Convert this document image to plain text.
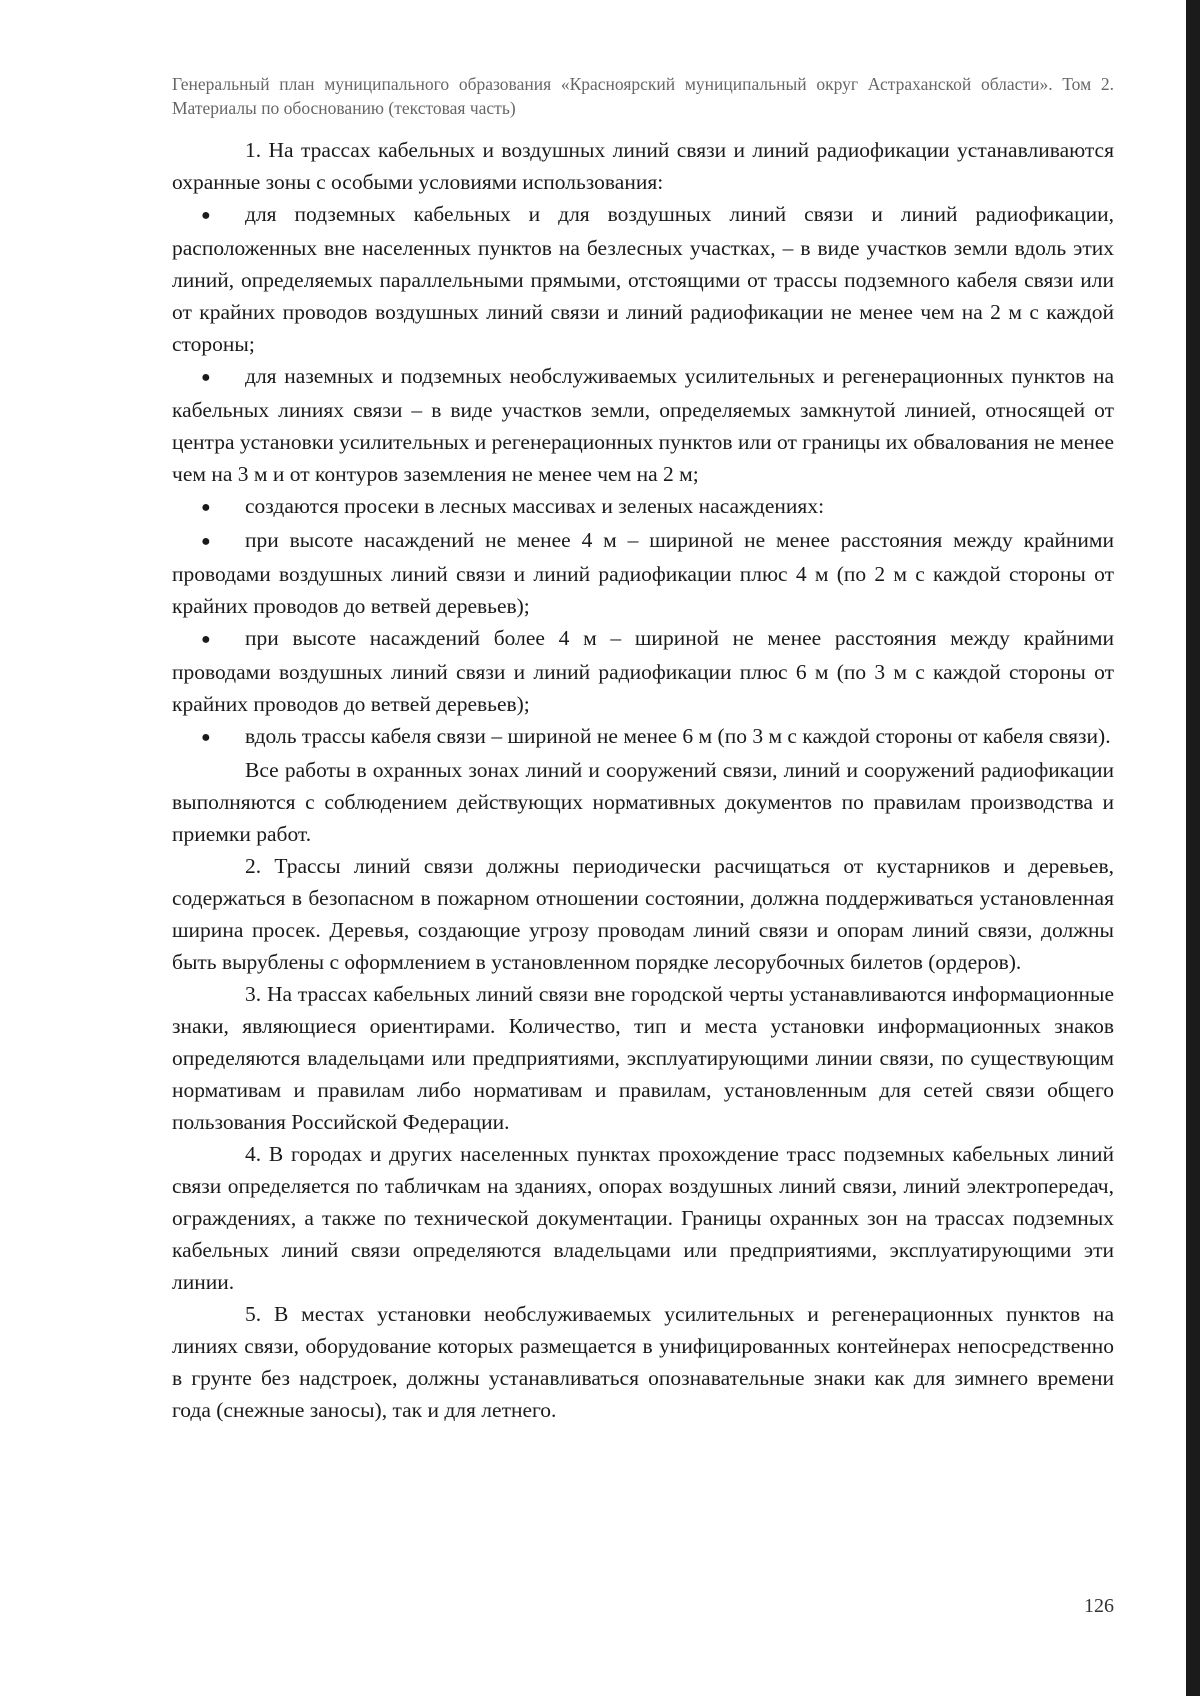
Генеральный план муниципального образования «Красноярский муниципальный округ Астраханской области». Том 2. Материалы по обоснованию (текстовая часть)

1. На трассах кабельных и воздушных линий связи и линий радиофикации устанавливаются охранные зоны с особыми условиями использования:

● для подземных кабельных и для воздушных линий связи и линий радиофикации, расположенных вне населенных пунктов на безлесных участках, – в виде участков земли вдоль этих линий, определяемых параллельными прямыми, отстоящими от трассы подземного кабеля связи или от крайних проводов воздушных линий связи и линий радиофикации не менее чем на 2 м с каждой стороны;

● для наземных и подземных необслуживаемых усилительных и регенерационных пунктов на кабельных линиях связи – в виде участков земли, определяемых замкнутой линией, относящей от центра установки усилительных и регенерационных пунктов или от границы их обвалования не менее чем на 3 м и от контуров заземления не менее чем на 2 м;

● создаются просеки в лесных массивах и зеленых насаждениях:

● при высоте насаждений не менее 4 м – шириной не менее расстояния между крайними проводами воздушных линий связи и линий радиофикации плюс 4 м (по 2 м с каждой стороны от крайних проводов до ветвей деревьев);

● при высоте насаждений более 4 м – шириной не менее расстояния между крайними проводами воздушных линий связи и линий радиофикации плюс 6 м (по 3 м с каждой стороны от крайних проводов до ветвей деревьев);

● вдоль трассы кабеля связи – шириной не менее 6 м (по 3 м с каждой стороны от кабеля связи).

Все работы в охранных зонах линий и сооружений связи, линий и сооружений радиофикации выполняются с соблюдением действующих нормативных документов по правилам производства и приемки работ.

2. Трассы линий связи должны периодически расчищаться от кустарников и деревьев, содержаться в безопасном в пожарном отношении состоянии, должна поддерживаться установленная ширина просек. Деревья, создающие угрозу проводам линий связи и опорам линий связи, должны быть вырублены с оформлением в установленном порядке лесорубочных билетов (ордеров).

3. На трассах кабельных линий связи вне городской черты устанавливаются информационные знаки, являющиеся ориентирами. Количество, тип и места установки информационных знаков определяются владельцами или предприятиями, эксплуатирующими линии связи, по существующим нормативам и правилам либо нормативам и правилам, установленным для сетей связи общего пользования Российской Федерации.

4. В городах и других населенных пунктах прохождение трасс подземных кабельных линий связи определяется по табличкам на зданиях, опорах воздушных линий связи, линий электропередач, ограждениях, а также по технической документации. Границы охранных зон на трассах подземных кабельных линий связи определяются владельцами или предприятиями, эксплуатирующими эти линии.

5. В местах установки необслуживаемых усилительных и регенерационных пунктов на линиях связи, оборудование которых размещается в унифицированных контейнерах непосредственно в грунте без надстроек, должны устанавливаться опознавательные знаки как для зимнего времени года (снежные заносы), так и для летнего.

126
